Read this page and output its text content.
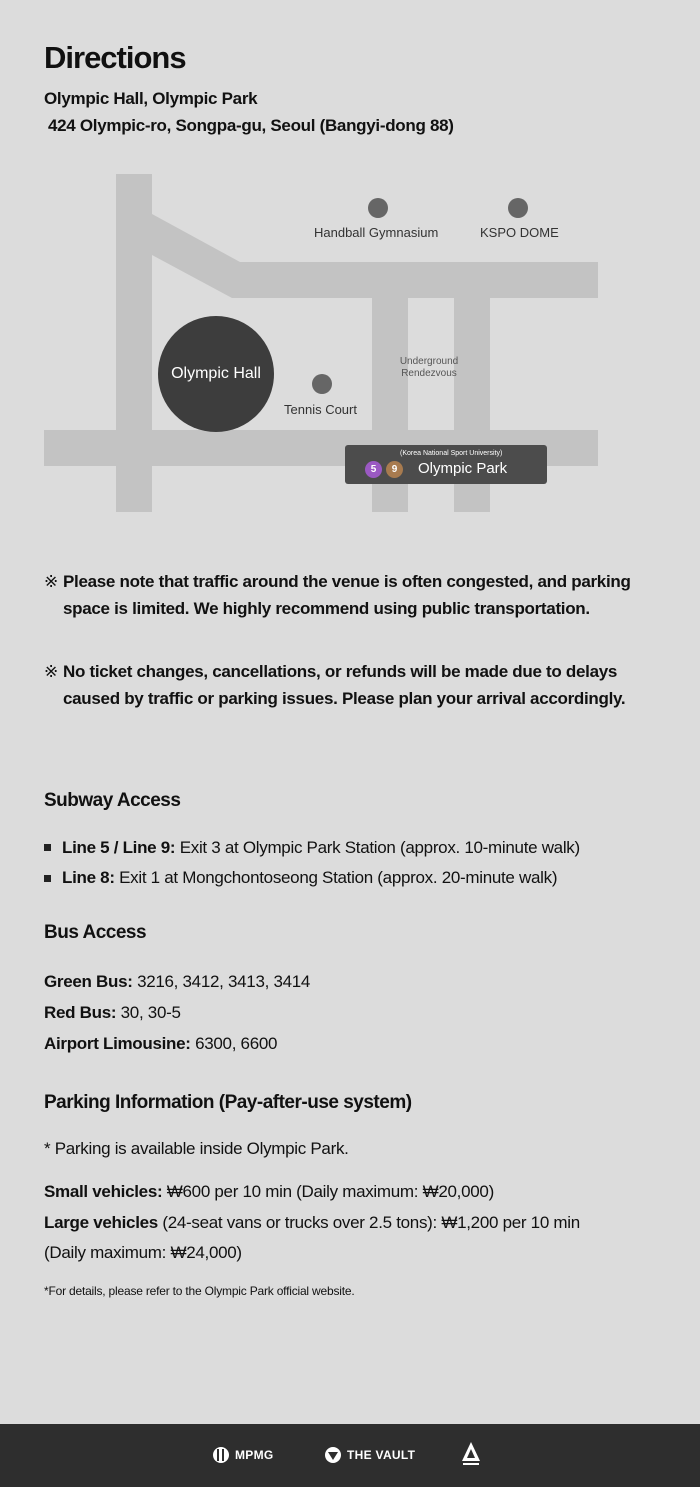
Directions
Olympic Hall, Olympic Park
424 Olympic-ro, Songpa-gu, Seoul (Bangyi-dong 88)
Olympic Hall
Handball Gymnasium	KSPO DOME
Tennis Court
Underground
Rendezvous
(Korea National Sport University)
5 9 Olympic Park
※ Please note that traffic around the venue is often congested, and parking space is limited. We highly recommend using public transportation.
※ No ticket changes, cancellations, or refunds will be made due to delays caused by traffic or parking issues. Please plan your arrival accordingly.
Subway Access
Line 5 / Line 9: Exit 3 at Olympic Park Station (approx. 10-minute walk)
Line 8: Exit 1 at Mongchontoseong Station (approx. 20-minute walk)
Bus Access
Green Bus: 3216, 3412, 3413, 3414
Red Bus: 30, 30-5
Airport Limousine: 6300, 6600
Parking Information (Pay-after-use system)
* Parking is available inside Olympic Park.
Small vehicles: ₩600 per 10 min (Daily maximum: ₩20,000)
Large vehicles (24-seat vans or trucks over 2.5 tons): ₩1,200 per 10 min
(Daily maximum: ₩24,000)
*For details, please refer to the Olympic Park official website.
MPMG	THE VAULT
